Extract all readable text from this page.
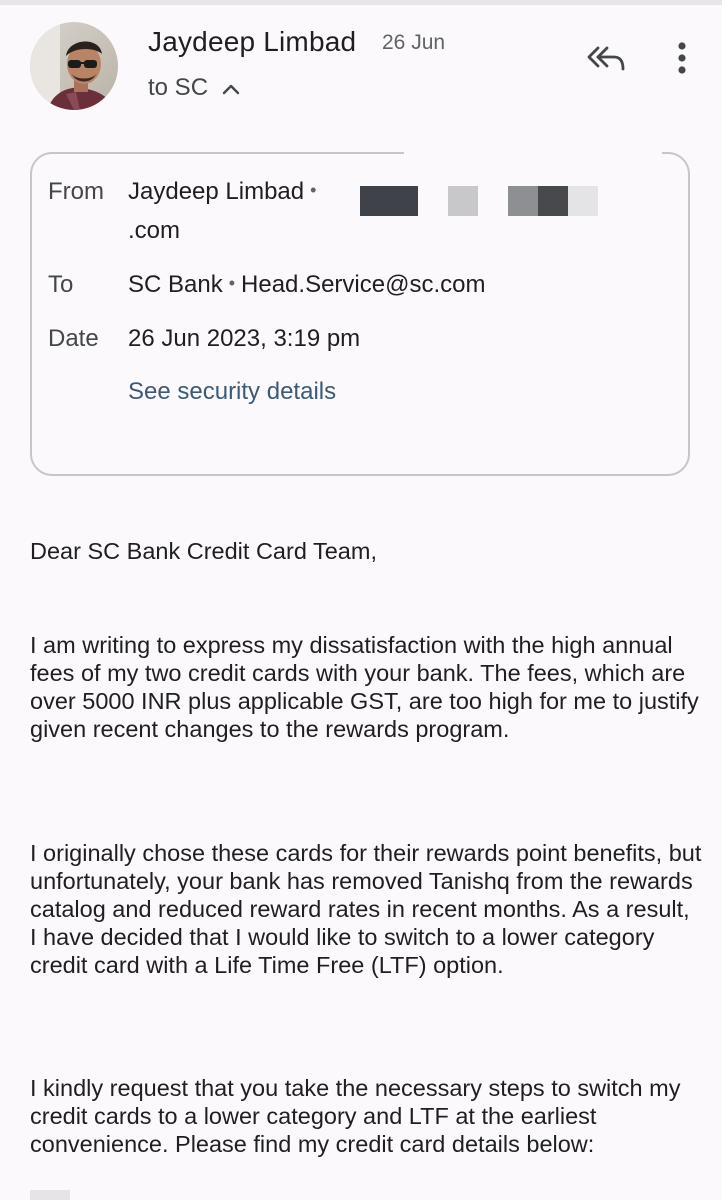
Jaydeep Limbad 26 Jun
to SC
From Jaydeep Limbad •
.com
To SC Bank • Head.Service@sc.com
Date 26 Jun 2023, 3:19 pm
See security details

Dear SC Bank Credit Card Team,

I am writing to express my dissatisfaction with the high annual fees of my two credit cards with your bank. The fees, which are over 5000 INR plus applicable GST, are too high for me to justify given recent changes to the rewards program.

I originally chose these cards for their rewards point benefits, but unfortunately, your bank has removed Tanishq from the rewards catalog and reduced reward rates in recent months. As a result, I have decided that I would like to switch to a lower category credit card with a Life Time Free (LTF) option.

I kindly request that you take the necessary steps to switch my credit cards to a lower category and LTF at the earliest convenience. Please find my credit card details below:
